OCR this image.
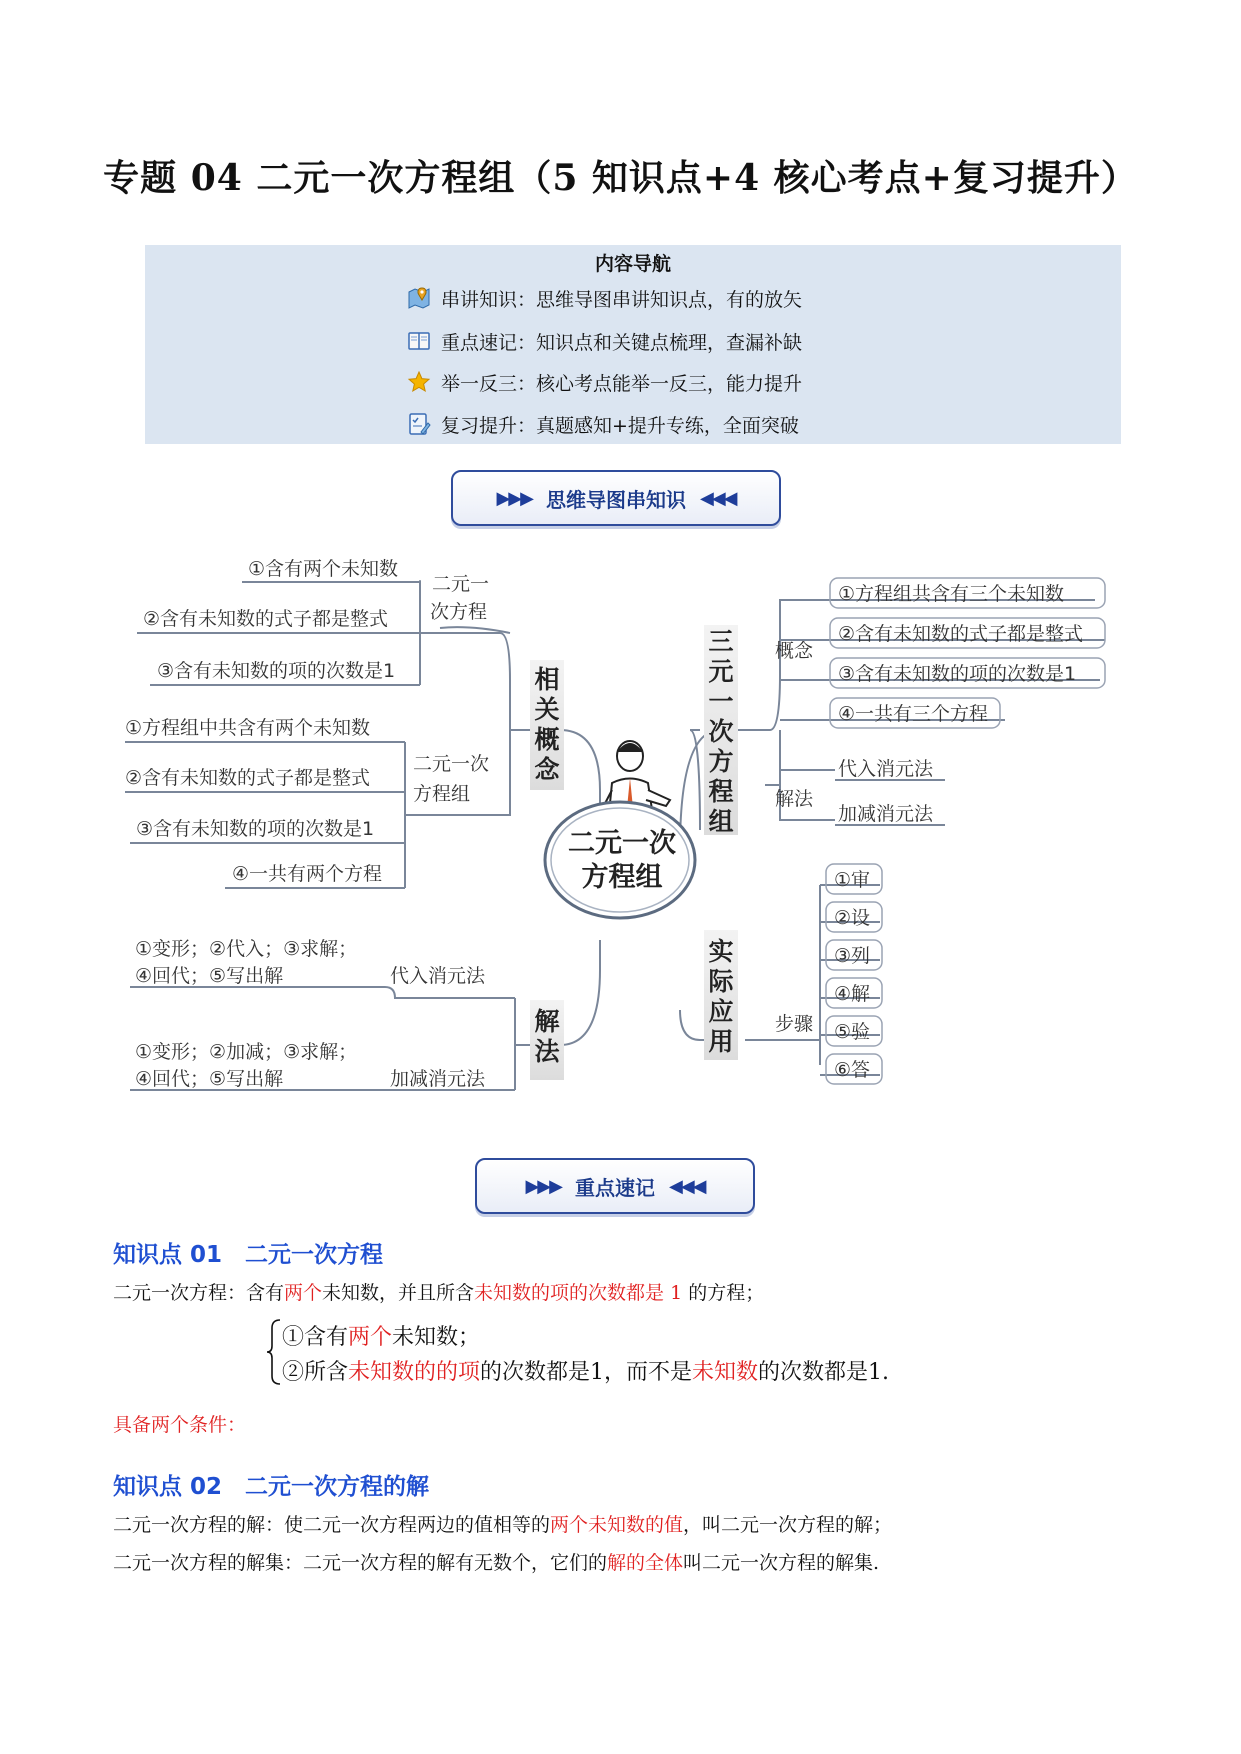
专题 04 二元一次方程组（5 知识点+4 核心考点+复习提升）
内容导航
串讲知识：思维导图串讲知识点，有的放矢
重点速记：知识点和关键点梳理，查漏补缺
举一反三：核心考点能举一反三，能力提升
复习提升：真题感知+提升专练，全面突破
▶▶▶ 思维导图串知识 ◀◀◀
相关概念
解法
三元一次方程组
实际应用
二元一次
方程组
①含有两个未知数
②含有未知数的式子都是整式
③含有未知数的项的次数是1
二元一
次方程
①方程组中共含有两个未知数
②含有未知数的式子都是整式
③含有未知数的项的次数是1
④一共有两个方程
二元一次
方程组
①变形；②代入；③求解；
④回代；⑤写出解	代入消元法
①变形；②加减；③求解；
④回代；⑤写出解	加减消元法
概念
①方程组共含有三个未知数
②含有未知数的式子都是整式
③含有未知数的项的次数是1
④一共有三个方程
解法
代入消元法
加减消元法
步骤
①审
②设
③列
④解
⑤验
⑥答
▶▶▶ 重点速记 ◀◀◀
知识点 01　二元一次方程
二元一次方程：含有两个未知数，并且所含未知数的项的次数都是 1 的方程；
①含有两个未知数；
②所含未知数的的项的次数都是1，而不是未知数的次数都是1.
具备两个条件：
知识点 02　二元一次方程的解
二元一次方程的解：使二元一次方程两边的值相等的两个未知数的值，叫二元一次方程的解；
二元一次方程的解集：二元一次方程的解有无数个，它们的解的全体叫二元一次方程的解集.
